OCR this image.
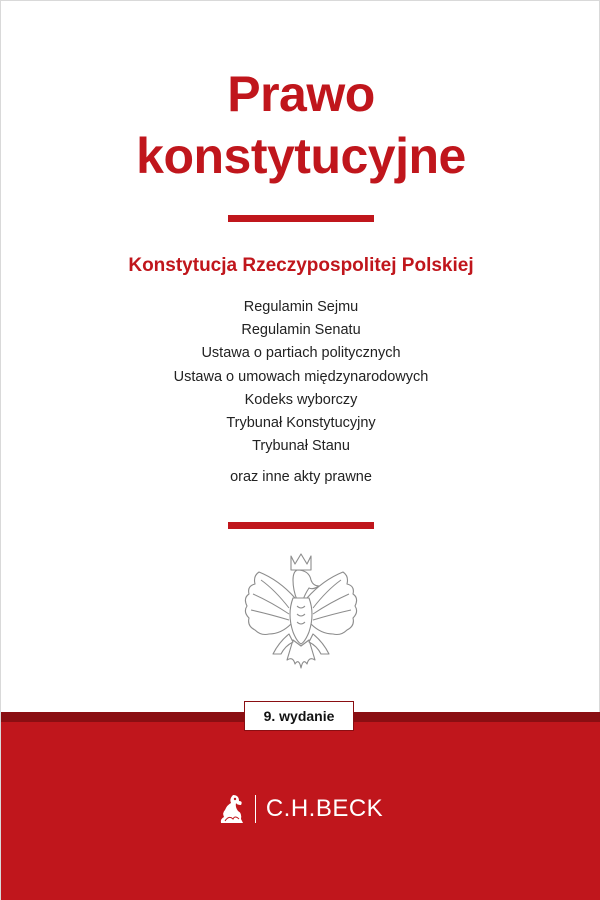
Prawo
konstytucyjne
Konstytucja Rzeczypospolitej Polskiej
Regulamin Sejmu
Regulamin Senatu
Ustawa o partiach politycznych
Ustawa o umowach międzynarodowych
Kodeks wyborczy
Trybunał Konstytucyjny
Trybunał Stanu
oraz inne akty prawne
9. wydanie
C.H.BECK
